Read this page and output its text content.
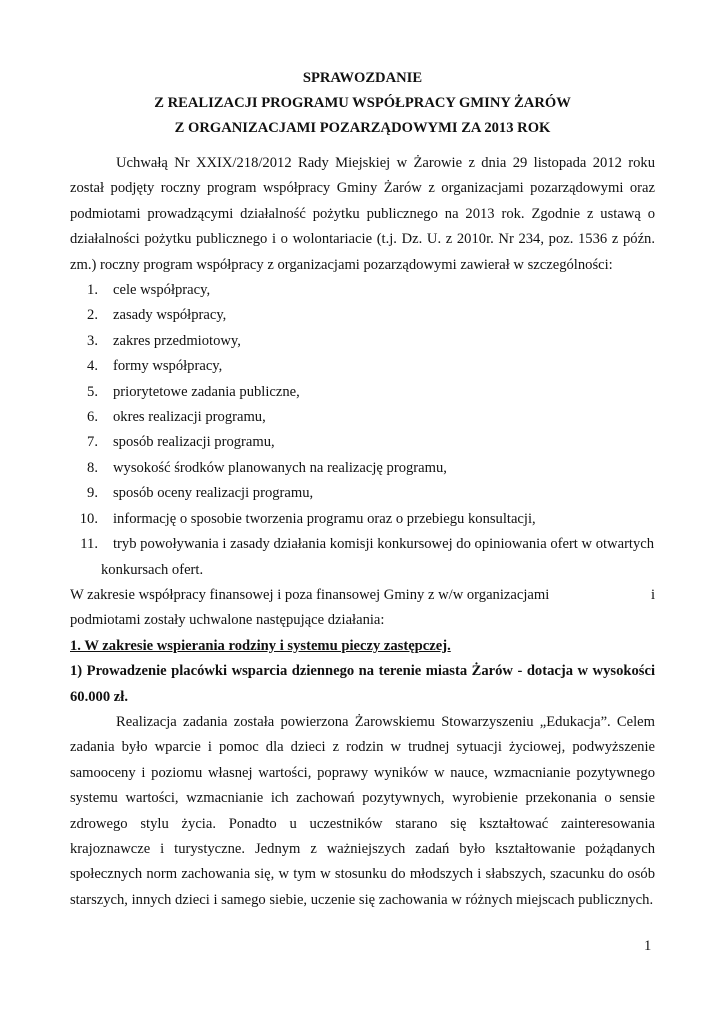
SPRAWOZDANIE
Z REALIZACJI PROGRAMU WSPÓŁPRACY GMINY ŻARÓW
Z ORGANIZACJAMI POZARZĄDOWYMI ZA 2013 ROK

Uchwałą Nr XXIX/218/2012 Rady Miejskiej w Żarowie z dnia 29 listopada 2012 roku został podjęty roczny program współpracy Gminy Żarów z organizacjami pozarządowymi oraz podmiotami prowadzącymi działalność pożytku publicznego na 2013 rok. Zgodnie z ustawą o działalności pożytku publicznego i o wolontariacie (t.j. Dz. U. z 2010r. Nr 234, poz. 1536 z późn. zm.) roczny program współpracy z organizacjami pozarządowymi zawierał w szczególności:

1. cele współpracy,
2. zasady współpracy,
3. zakres przedmiotowy,
4. formy współpracy,
5. priorytetowe zadania publiczne,
6. okres realizacji programu,
7. sposób realizacji programu,
8. wysokość środków planowanych na realizację programu,
9. sposób oceny realizacji programu,
10. informację o sposobie tworzenia programu oraz o przebiegu konsultacji,
11. tryb powoływania i zasady działania komisji konkursowej do opiniowania ofert w otwartych
konkursach ofert.
W zakresie współpracy finansowej i poza finansowej Gminy z w/w organizacjami	i

podmiotami zostały uchwalone następujące działania:

1. W zakresie wspierania rodziny i systemu pieczy zastępczej.
1) Prowadzenie placówki wsparcia dziennego na terenie miasta Żarów - dotacja w wysokości 60.000 zł.

Realizacja zadania została powierzona Żarowskiemu Stowarzyszeniu „Edukacja”. Celem zadania było wparcie i pomoc dla dzieci z rodzin w trudnej sytuacji życiowej, podwyższenie samooceny i poziomu własnej wartości, poprawy wyników w nauce, wzmacnianie pozytywnego systemu wartości, wzmacnianie ich zachowań pozytywnych, wyrobienie przekonania o sensie zdrowego stylu życia. Ponadto u uczestników starano się kształtować zainteresowania krajoznawcze i turystyczne. Jednym z ważniejszych zadań było kształtowanie pożądanych społecznych norm zachowania się, w tym w stosunku do młodszych i słabszych, szacunku do osób starszych, innych dzieci i samego siebie, uczenie się zachowania w różnych miejscach publicznych.

1
